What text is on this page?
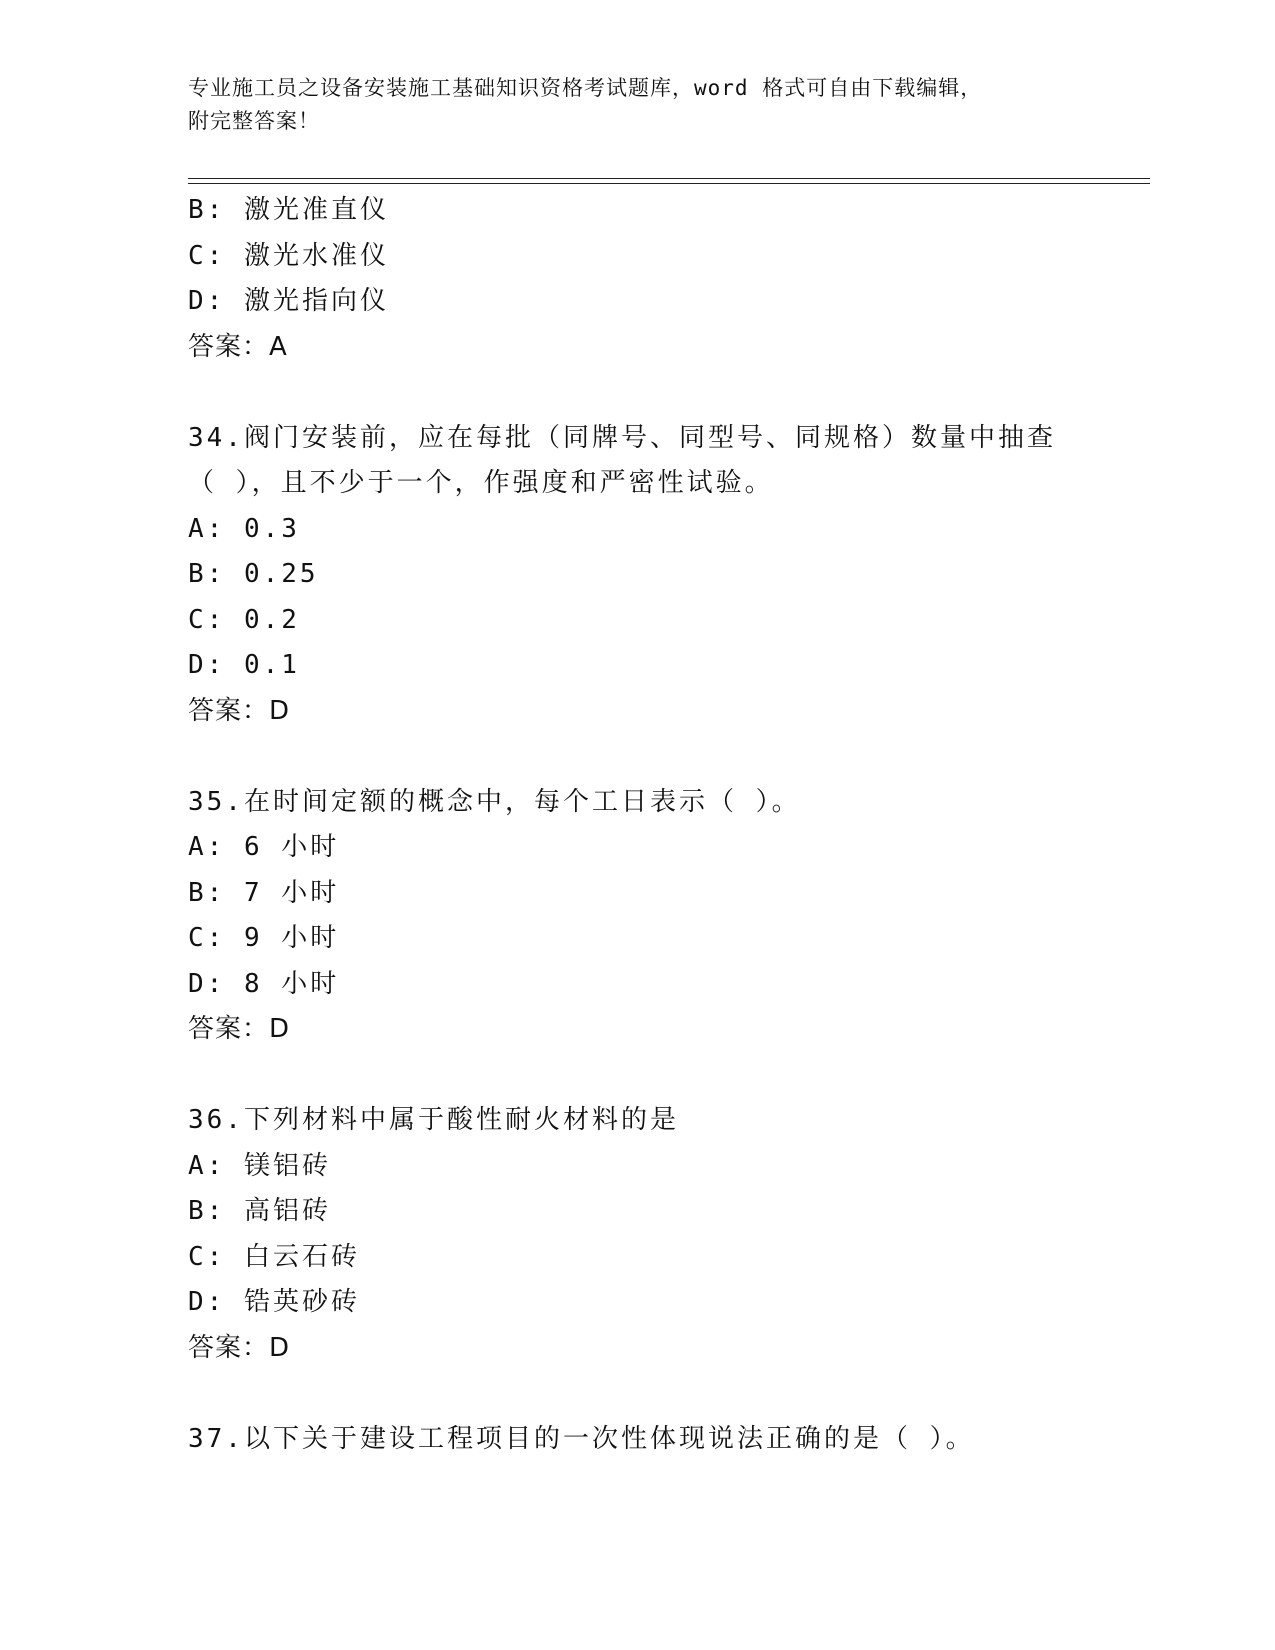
专业施工员之设备安装施工基础知识资格考试题库，word 格式可自由下载编辑，
附完整答案！
B: 激光准直仪
C: 激光水准仪
D: 激光指向仪
答案：A
34.阀门安装前，应在每批（同牌号、同型号、同规格）数量中抽查（ ），且不少于一个，作强度和严密性试验。
A: 0.3
B: 0.25
C: 0.2
D: 0.1
答案：D
35.在时间定额的概念中，每个工日表示（ ）。
A: 6 小时
B: 7 小时
C: 9 小时
D: 8 小时
答案：D
36.下列材料中属于酸性耐火材料的是
A: 镁铝砖
B: 高铝砖
C: 白云石砖
D: 锆英砂砖
答案：D
37.以下关于建设工程项目的一次性体现说法正确的是（ ）。
